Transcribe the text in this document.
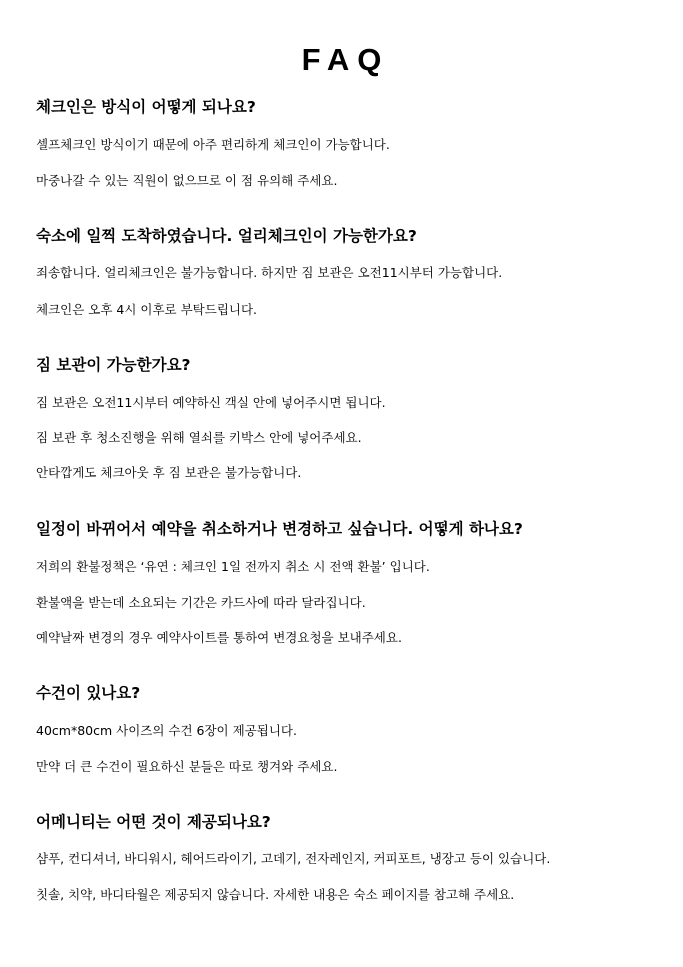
FAQ
체크인은 방식이 어떻게 되나요?
셀프체크인 방식이기 때문에 아주 편리하게 체크인이 가능합니다.
마중나갈 수 있는 직원이 없으므로 이 점 유의해 주세요.
숙소에 일찍 도착하였습니다. 얼리체크인이 가능한가요?
죄송합니다. 얼리체크인은 불가능합니다. 하지만 짐 보관은 오전11시부터 가능합니다.
체크인은 오후 4시 이후로 부탁드립니다.
짐 보관이 가능한가요?
짐 보관은 오전11시부터 예약하신 객실 안에 넣어주시면 됩니다.
짐 보관 후 청소진행을 위해 열쇠를 키박스 안에 넣어주세요.
안타깝게도 체크아웃 후 짐 보관은 불가능합니다.
일정이 바뀌어서 예약을 취소하거나 변경하고 싶습니다. 어떻게 하나요?
저희의 환불정책은 ‘유연 : 체크인 1일 전까지 취소 시 전액 환불’ 입니다.
환불액을 받는데 소요되는 기간은 카드사에 따라 달라집니다.
예약날짜 변경의 경우 예약사이트를 통하여 변경요청을 보내주세요.
수건이 있나요?
40cm*80cm 사이즈의 수건 6장이 제공됩니다.
만약 더 큰 수건이 필요하신 분들은 따로 챙겨와 주세요.
어메니티는 어떤 것이 제공되나요?
샴푸, 컨디셔너, 바디워시, 헤어드라이기, 고데기, 전자레인지, 커피포트, 냉장고 등이 있습니다.
칫솔, 치약, 바디타월은 제공되지 않습니다. 자세한 내용은 숙소 페이지를 참고해 주세요.
